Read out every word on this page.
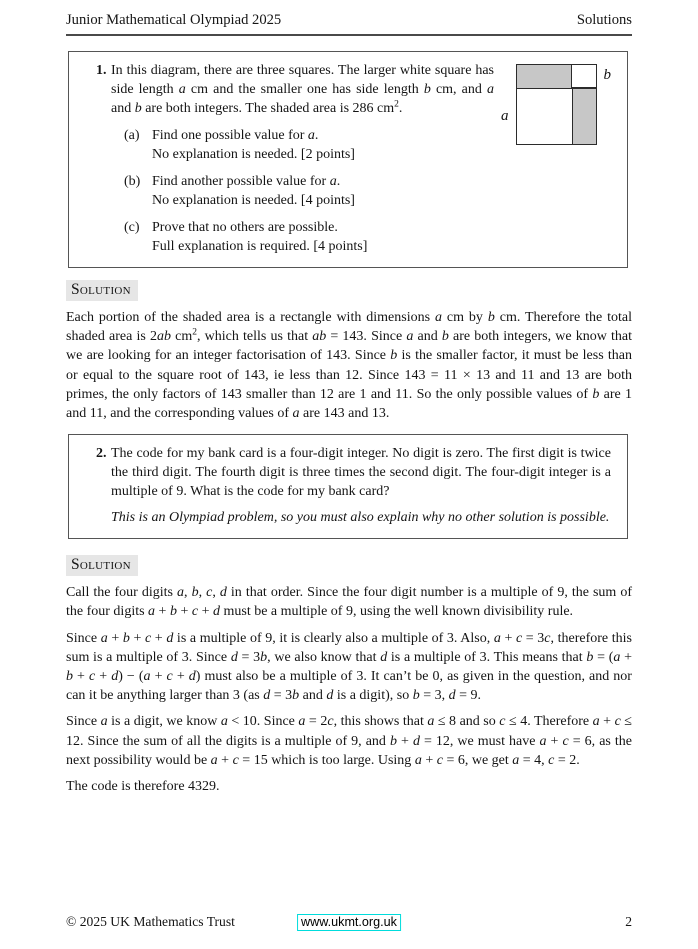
Junior Mathematical Olympiad 2025	Solutions
1. In this diagram, there are three squares. The larger white square has side length a cm and the smaller one has side length b cm, and a and b are both integers. The shaded area is 286 $cm^2$.
(a) Find one possible value for a.
No explanation is needed. [2 points]
(b) Find another possible value for a.
No explanation is needed. [4 points]
(c) Prove that no others are possible.
Full explanation is required. [4 points]
a
b
Solution

Each portion of the shaded area is a rectangle with dimensions a cm by b cm. Therefore the total shaded area is 2ab $cm^2$, which tells us that ab = 143. Since a and b are both integers, we know that we are looking for an integer factorisation of 143. Since b is the smaller factor, it must be less than or equal to the square root of 143, ie less than 12. Since 143 = 11 × 13 and 11 and 13 are both primes, the only factors of 143 smaller than 12 are 1 and 11. So the only possible values of b are 1 and 11, and the corresponding values of a are 143 and 13.

2. The code for my bank card is a four-digit integer. No digit is zero. The first digit is twice the third digit. The fourth digit is three times the second digit. The four-digit integer is a multiple of 9. What is the code for my bank card?
This is an Olympiad problem, so you must also explain why no other solution is possible.
Solution

Call the four digits a, b, c, d in that order. Since the four digit number is a multiple of 9, the sum of the four digits a + b + c + d must be a multiple of 9, using the well known divisibility rule.

Since a + b + c + d is a multiple of 9, it is clearly also a multiple of 3. Also, a + c = 3c, therefore this sum is a multiple of 3. Since d = 3b, we also know that d is a multiple of 3. This means that b = (a + b + c + d) − (a + c + d) must also be a multiple of 3. It can’t be 0, as given in the question, and nor can it be anything larger than 3 (as d = 3b and d is a digit), so b = 3, d = 9.

Since a is a digit, we know a < 10. Since a = 2c, this shows that a ≤ 8 and so c ≤ 4. Therefore a + c ≤ 12. Since the sum of all the digits is a multiple of 9, and b + d = 12, we must have a + c = 6, as the next possibility would be a + c = 15 which is too large. Using a + c = 6, we get a = 4, c = 2.

The code is therefore 4329.

© 2025 UK Mathematics Trust	www.ukmt.org.uk	2
